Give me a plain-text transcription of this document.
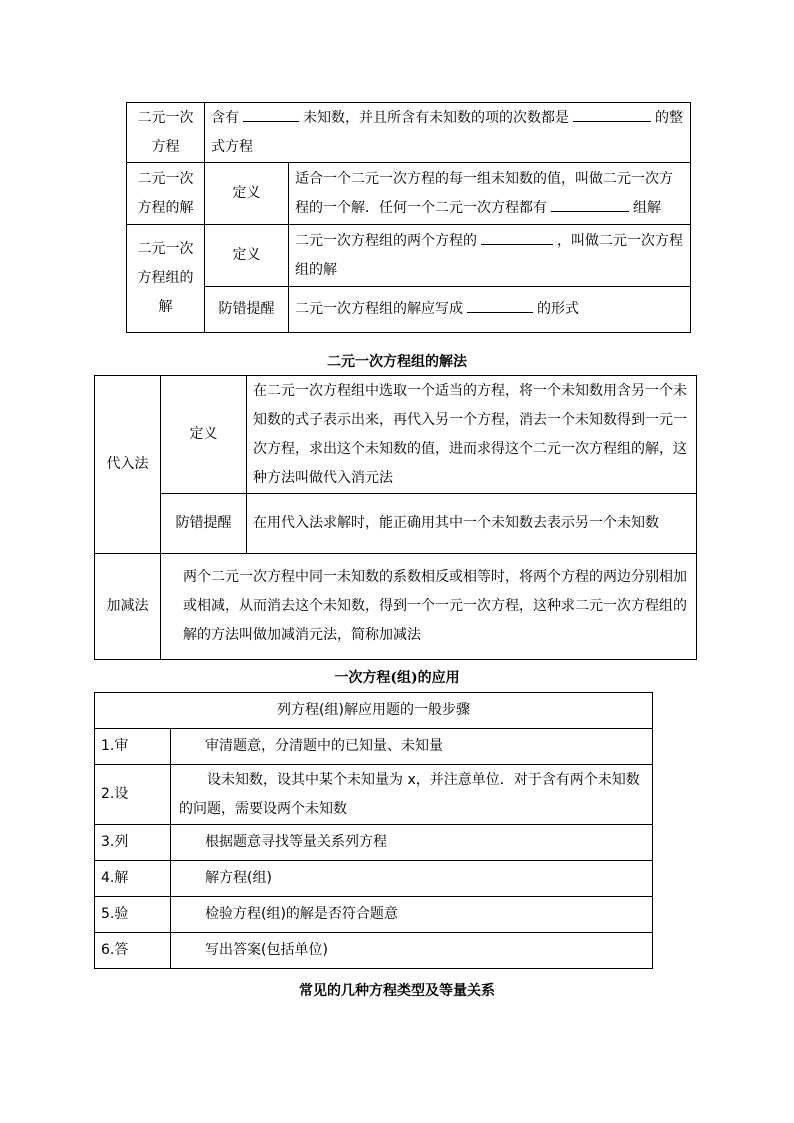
二元一次方程	含有 未知数，并且所含有未知数的项的次数都是 的整式方程	
二元一次方程的解	定义	适合一个二元一次方程的每一组未知数的值，叫做二元一次方程的一个解．任何一个二元一次方程都有 组解
二元一次方程组的解	定义	二元一次方程组的两个方程的 ，叫做二元一次方程组的解
	防错提醒	二元一次方程组的解应写成 的形式
二元一次方程组的解法
代入法	定义	在二元一次方程组中选取一个适当的方程，将一个未知数用含另一个未知数的式子表示出来，再代入另一个方程，消去一个未知数得到一元一次方程，求出这个未知数的值，进而求得这个二元一次方程组的解，这种方法叫做代入消元法
	防错提醒	在用代入法求解时，能正确用其中一个未知数去表示另一个未知数
加减法	两个二元一次方程中同一未知数的系数相反或相等时，将两个方程的两边分别相加或相减，从而消去这个未知数，得到一个一元一次方程，这种求二元一次方程组的解的方法叫做加减消元法，简称加减法	
一次方程(组)的应用
列方程(组)解应用题的一般步骤	
1.审	审清题意，分清题中的已知量、未知量
2.设	设未知数，设其中某个未知量为 x，并注意单位．对于含有两个未知数的问题，需要设两个未知数

3.列	根据题意寻找等量关系列方程
4.解	解方程(组)
5.验	检验方程(组)的解是否符合题意
6.答	写出答案(包括单位)
常见的几种方程类型及等量关系
